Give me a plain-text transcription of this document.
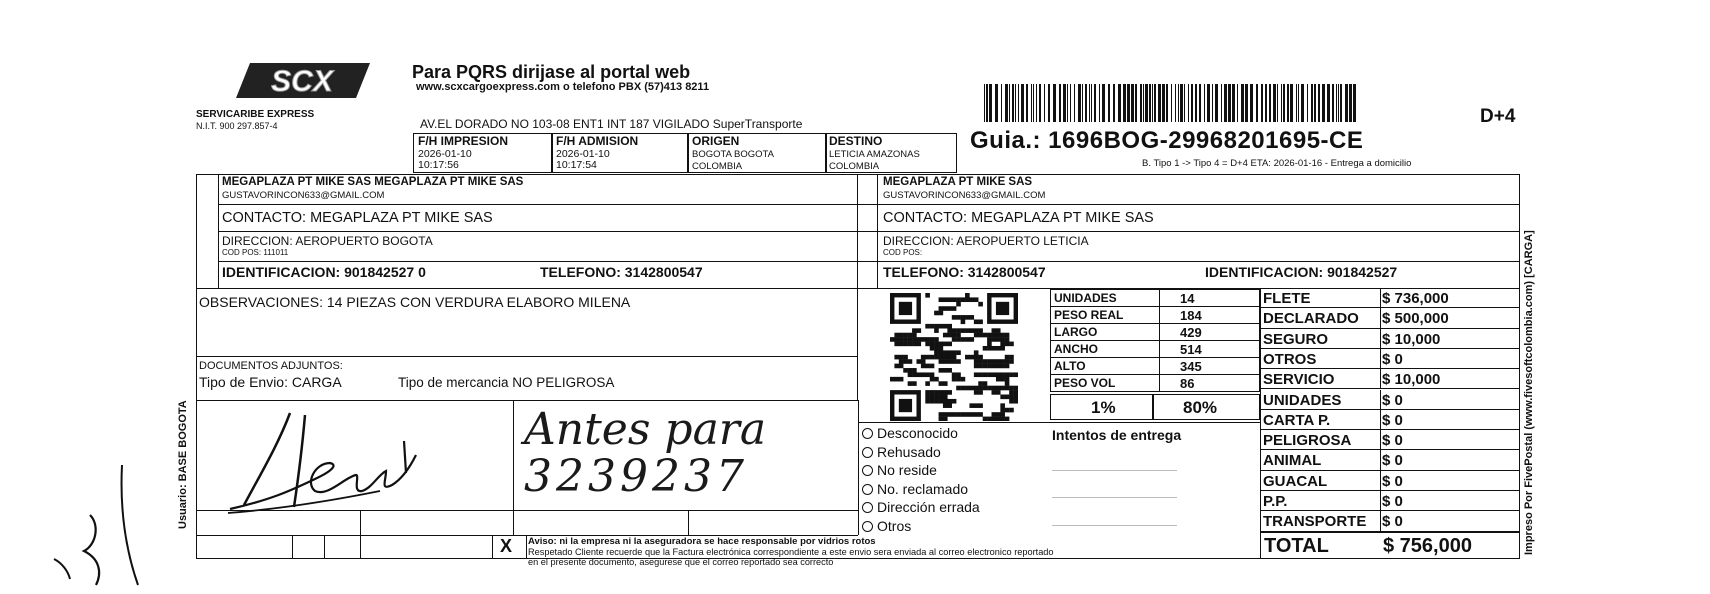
SCX
SERVICARIBE EXPRESS
N.I.T. 900 297.857-4
Para PQRS dirijase al portal web
www.scxcargoexpress.com o telefono PBX (57)413 8211
AV.EL DORADO NO 103-08 ENT1 INT 187 VIGILADO SuperTransporte	D+4
Guia.: 1696BOG-29968201695-CE
B. Tipo 1 -> Tipo 4 = D+4 ETA: 2026-01-16 - Entrega a domicilio
F/H IMPRESION
2026-01-10
10:17:56
F/H ADMISION
2026-01-10
10:17:54
ORIGEN
BOGOTA BOGOTA
COLOMBIA
DESTINO
LETICIA AMAZONAS
COLOMBIA
Usuario: BASE BOGOTA	Impreso Por FivePostal (www.fivesoftcolombia.com) [CARGA]
MEGAPLAZA PT MIKE SAS MEGAPLAZA PT MIKE SAS
GUSTAVORINCON633@GMAIL.COM
CONTACTO: MEGAPLAZA PT MIKE SAS
DIRECCION: AEROPUERTO BOGOTA
COD POS: 111011
IDENTIFICACION: 901842527 0	TELEFONO: 3142800547
MEGAPLAZA PT MIKE SAS
GUSTAVORINCON633@GMAIL.COM
CONTACTO: MEGAPLAZA PT MIKE SAS
DIRECCION: AEROPUERTO LETICIA
COD POS:
TELEFONO: 3142800547	IDENTIFICACION: 901842527
OBSERVACIONES: 14 PIEZAS CON VERDURA ELABORO MILENA
DOCUMENTOS ADJUNTOS:
Tipo de Envio: CARGA	Tipo de mercancia NO PELIGROSA
Antes para
3239237
X
UNIDADES	14
PESO REAL	184
LARGO	429
ANCHO	514
ALTO	345
PESO VOL	86
1%	80%
Desconocido
Rehusado
No reside
No. reclamado
Dirección errada
Otros
Intentos de entrega
FLETE	$ 736,000
DECLARADO $ 500,000
SEGURO	$ 10,000
OTROS	$ 0
SERVICIO	$ 10,000
UNIDADES	$ 0
CARTA P.	$ 0
PELIGROSA $ 0
ANIMAL	$ 0
GUACAL	$ 0
P.P.	$ 0
TRANSPORTE $ 0
TOTAL	$ 756,000
Aviso: ni la empresa ni la aseguradora se hace responsable por vidrios rotos
Respetado Cliente recuerde que la Factura electrónica correspondiente a este envio sera enviada al correo electronico reportado
en el presente documento, asegurese que el correo reportado sea correcto
